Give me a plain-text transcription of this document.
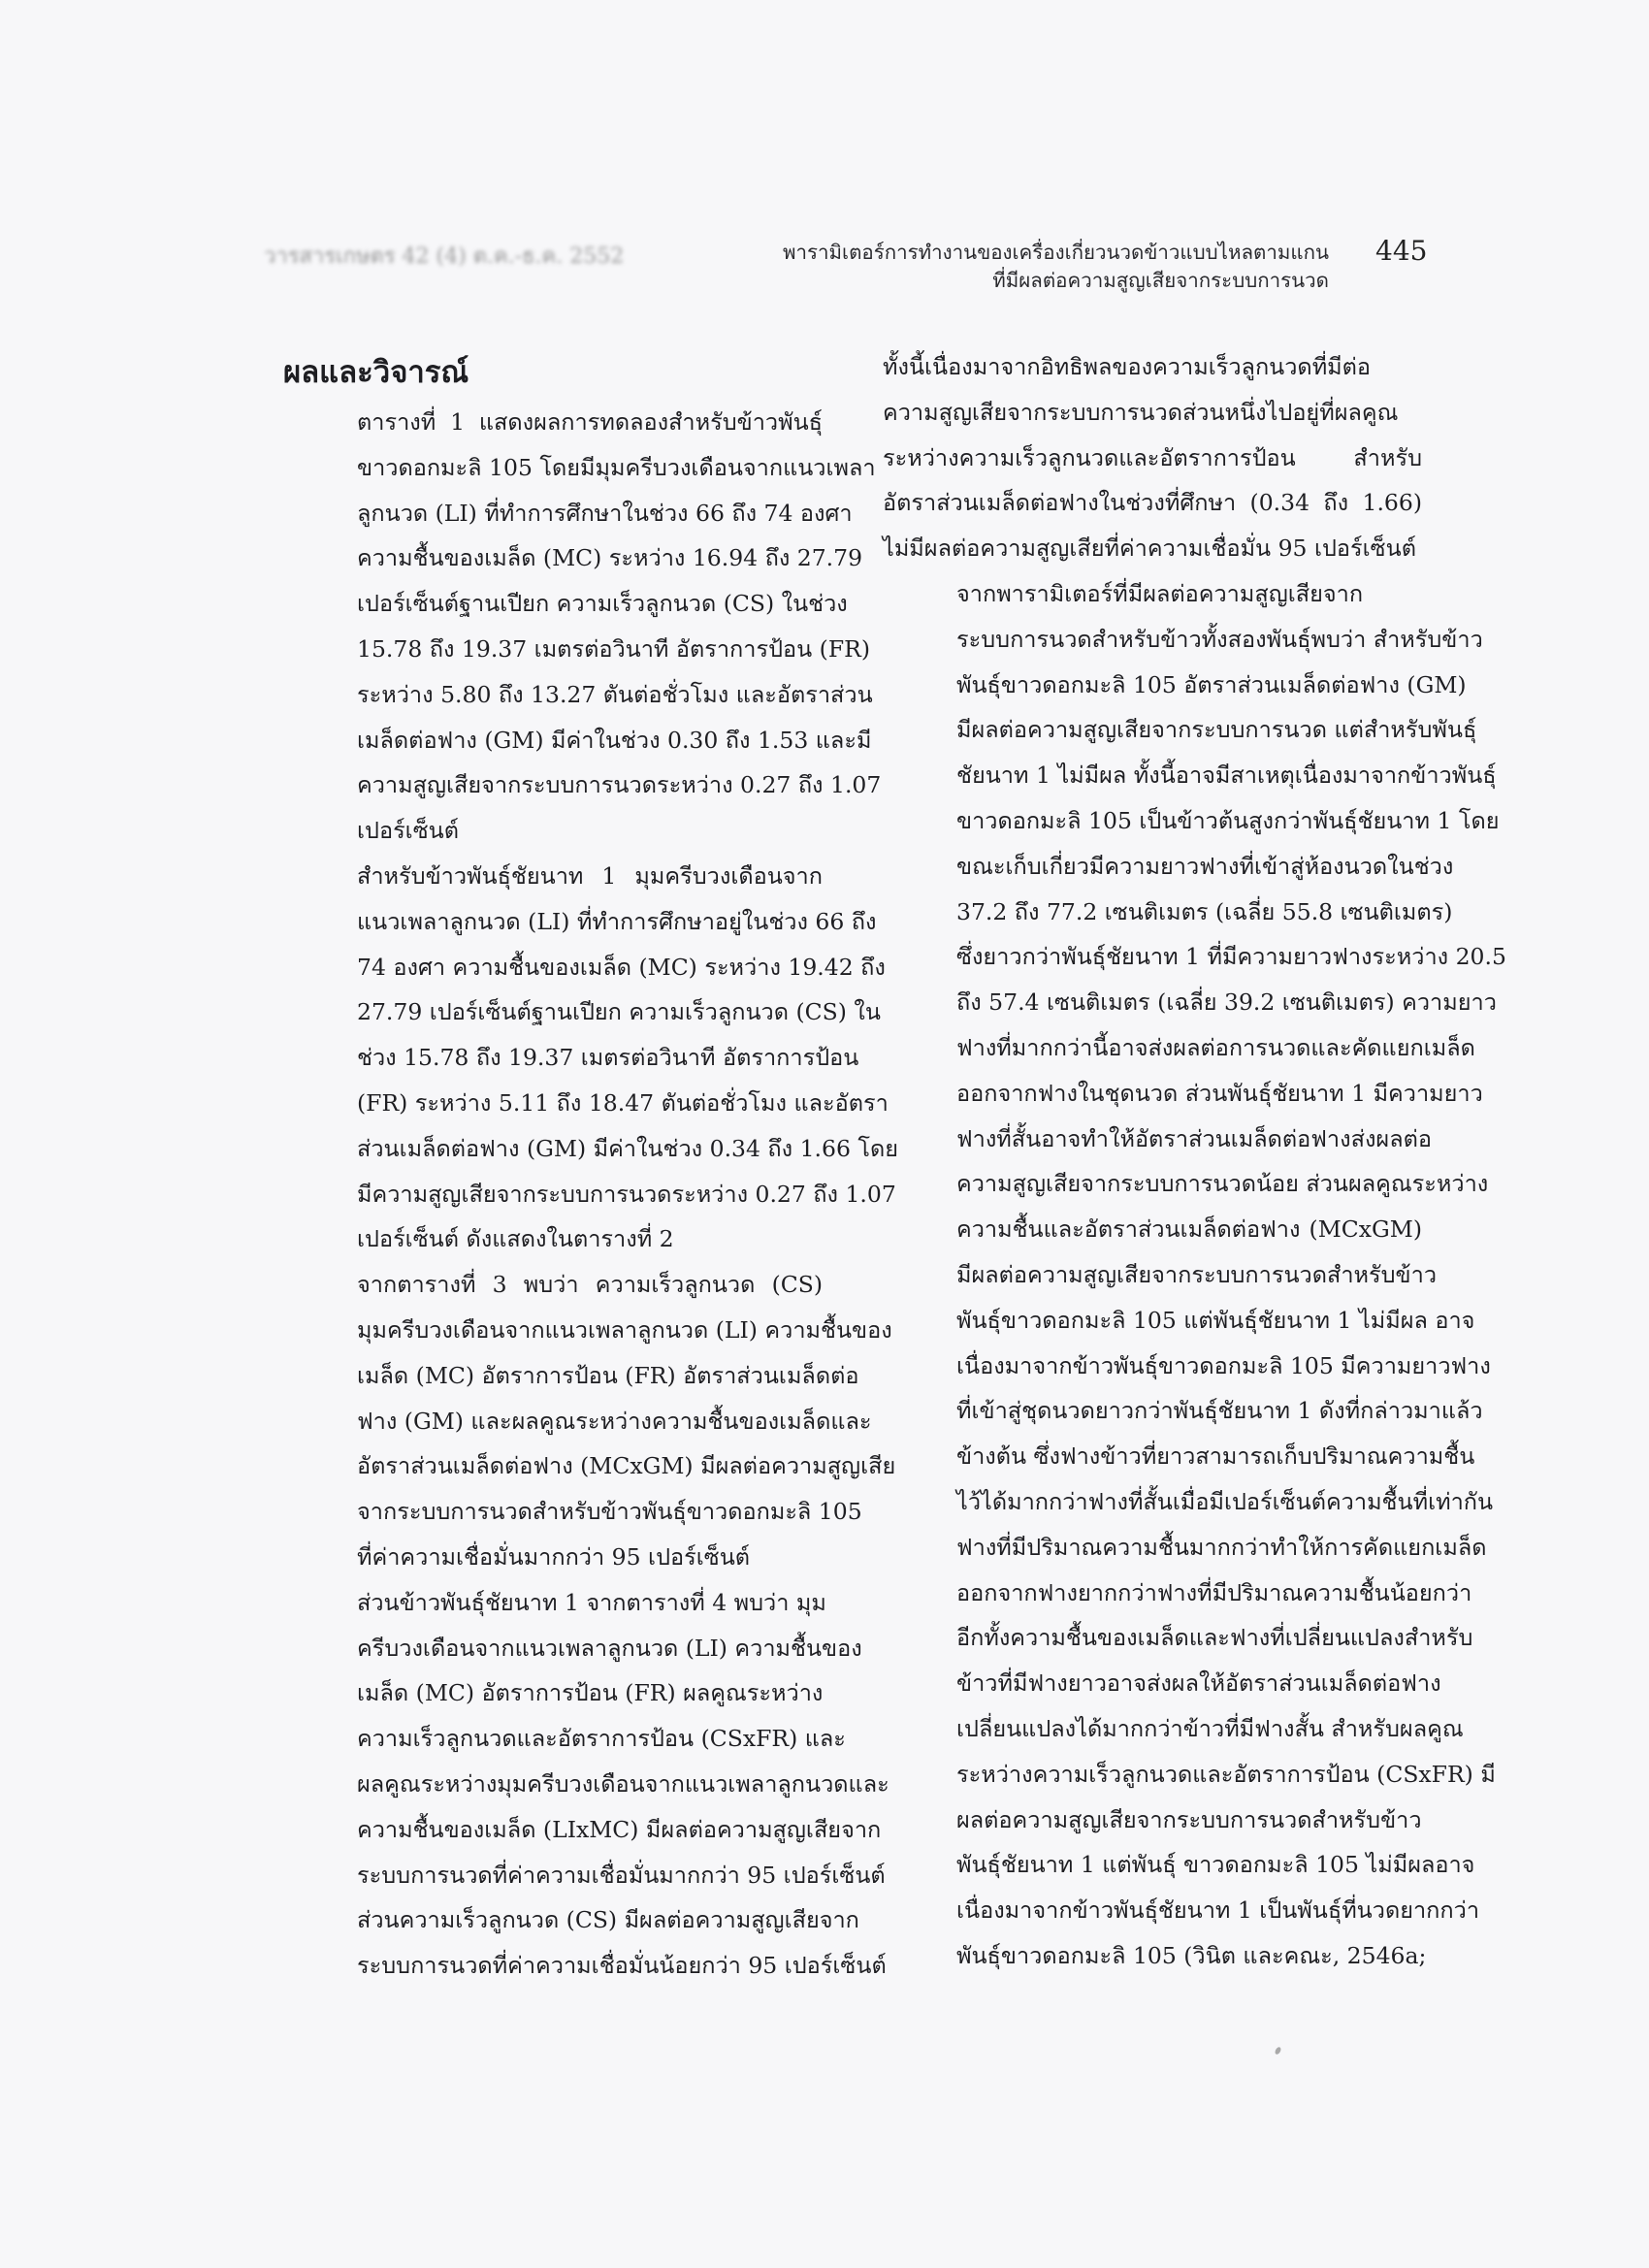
วารสารเกษตร 42 (4) ต.ค.-ธ.ค. 2552	พารามิเตอร์การทำงานของเครื่องเกี่ยวนวดข้าวแบบไหลตามแกน
ที่มีผลต่อความสูญเสียจากระบบการนวด
445
ผลและวิจารณ์

ตารางที่ 1 แสดงผลการทดลองสำหรับข้าวพันธุ์
ขาวดอกมะลิ 105 โดยมีมุมครีบวงเดือนจากแนวเพลา
ลูกนวด (LI) ที่ทำการศึกษาในช่วง 66 ถึง 74 องศา
ความชื้นของเมล็ด (MC) ระหว่าง 16.94 ถึง 27.79
เปอร์เซ็นต์ฐานเปียก ความเร็วลูกนวด (CS) ในช่วง
15.78 ถึง 19.37 เมตรต่อวินาที อัตราการป้อน (FR)
ระหว่าง 5.80 ถึง 13.27 ตันต่อชั่วโมง และอัตราส่วน
เมล็ดต่อฟาง (GM) มีค่าในช่วง 0.30 ถึง 1.53 และมี
ความสูญเสียจากระบบการนวดระหว่าง 0.27 ถึง 1.07
เปอร์เซ็นต์

สำหรับข้าวพันธุ์ชัยนาท 1 มุมครีบวงเดือนจาก
แนวเพลาลูกนวด (LI) ที่ทำการศึกษาอยู่ในช่วง 66 ถึง
74 องศา ความชื้นของเมล็ด (MC) ระหว่าง 19.42 ถึง
27.79 เปอร์เซ็นต์ฐานเปียก ความเร็วลูกนวด (CS) ใน
ช่วง 15.78 ถึง 19.37 เมตรต่อวินาที อัตราการป้อน
(FR) ระหว่าง 5.11 ถึง 18.47 ตันต่อชั่วโมง และอัตรา
ส่วนเมล็ดต่อฟาง (GM) มีค่าในช่วง 0.34 ถึง 1.66 โดย
มีความสูญเสียจากระบบการนวดระหว่าง 0.27 ถึง 1.07
เปอร์เซ็นต์ ดังแสดงในตารางที่ 2

จากตารางที่ 3 พบว่า ความเร็วลูกนวด (CS)
มุมครีบวงเดือนจากแนวเพลาลูกนวด (LI) ความชื้นของ
เมล็ด (MC) อัตราการป้อน (FR) อัตราส่วนเมล็ดต่อ
ฟาง (GM) และผลคูณระหว่างความชื้นของเมล็ดและ
อัตราส่วนเมล็ดต่อฟาง (MCxGM) มีผลต่อความสูญเสีย
จากระบบการนวดสำหรับข้าวพันธุ์ขาวดอกมะลิ 105
ที่ค่าความเชื่อมั่นมากกว่า 95 เปอร์เซ็นต์

ส่วนข้าวพันธุ์ชัยนาท 1 จากตารางที่ 4 พบว่า มุม
ครีบวงเดือนจากแนวเพลาลูกนวด (LI) ความชื้นของ
เมล็ด (MC) อัตราการป้อน (FR) ผลคูณระหว่าง
ความเร็วลูกนวดและอัตราการป้อน (CSxFR) และ
ผลคูณระหว่างมุมครีบวงเดือนจากแนวเพลาลูกนวดและ
ความชื้นของเมล็ด (LIxMC) มีผลต่อความสูญเสียจาก
ระบบการนวดที่ค่าความเชื่อมั่นมากกว่า 95 เปอร์เซ็นต์
ส่วนความเร็วลูกนวด (CS) มีผลต่อความสูญเสียจาก
ระบบการนวดที่ค่าความเชื่อมั่นน้อยกว่า 95 เปอร์เซ็นต์

ทั้งนี้เนื่องมาจากอิทธิพลของความเร็วลูกนวดที่มีต่อ
ความสูญเสียจากระบบการนวดส่วนหนึ่งไปอยู่ที่ผลคูณ
ระหว่างความเร็วลูกนวดและอัตราการป้อน สำหรับ
อัตราส่วนเมล็ดต่อฟางในช่วงที่ศึกษา (0.34 ถึง 1.66)
ไม่มีผลต่อความสูญเสียที่ค่าความเชื่อมั่น 95 เปอร์เซ็นต์

จากพารามิเตอร์ที่มีผลต่อความสูญเสียจาก
ระบบการนวดสำหรับข้าวทั้งสองพันธุ์พบว่า สำหรับข้าว
พันธุ์ขาวดอกมะลิ 105 อัตราส่วนเมล็ดต่อฟาง (GM)
มีผลต่อความสูญเสียจากระบบการนวด แต่สำหรับพันธุ์
ชัยนาท 1 ไม่มีผล ทั้งนี้อาจมีสาเหตุเนื่องมาจากข้าวพันธุ์
ขาวดอกมะลิ 105 เป็นข้าวต้นสูงกว่าพันธุ์ชัยนาท 1 โดย
ขณะเก็บเกี่ยวมีความยาวฟางที่เข้าสู่ห้องนวดในช่วง
37.2 ถึง 77.2 เซนติเมตร (เฉลี่ย 55.8 เซนติเมตร)
ซึ่งยาวกว่าพันธุ์ชัยนาท 1 ที่มีความยาวฟางระหว่าง 20.5
ถึง 57.4 เซนติเมตร (เฉลี่ย 39.2 เซนติเมตร) ความยาว
ฟางที่มากกว่านี้อาจส่งผลต่อการนวดและคัดแยกเมล็ด
ออกจากฟางในชุดนวด ส่วนพันธุ์ชัยนาท 1 มีความยาว
ฟางที่สั้นอาจทำให้อัตราส่วนเมล็ดต่อฟางส่งผลต่อ
ความสูญเสียจากระบบการนวดน้อย ส่วนผลคูณระหว่าง
ความชื้นและอัตราส่วนเมล็ดต่อฟาง (MCxGM)
มีผลต่อความสูญเสียจากระบบการนวดสำหรับข้าว
พันธุ์ขาวดอกมะลิ 105 แต่พันธุ์ชัยนาท 1 ไม่มีผล อาจ
เนื่องมาจากข้าวพันธุ์ขาวดอกมะลิ 105 มีความยาวฟาง
ที่เข้าสู่ชุดนวดยาวกว่าพันธุ์ชัยนาท 1 ดังที่กล่าวมาแล้ว
ข้างต้น ซึ่งฟางข้าวที่ยาวสามารถเก็บปริมาณความชื้น
ไว้ได้มากกว่าฟางที่สั้นเมื่อมีเปอร์เซ็นต์ความชื้นที่เท่ากัน
ฟางที่มีปริมาณความชื้นมากกว่าทำให้การคัดแยกเมล็ด
ออกจากฟางยากกว่าฟางที่มีปริมาณความชื้นน้อยกว่า
อีกทั้งความชื้นของเมล็ดและฟางที่เปลี่ยนแปลงสำหรับ
ข้าวที่มีฟางยาวอาจส่งผลให้อัตราส่วนเมล็ดต่อฟาง
เปลี่ยนแปลงได้มากกว่าข้าวที่มีฟางสั้น สำหรับผลคูณ
ระหว่างความเร็วลูกนวดและอัตราการป้อน (CSxFR) มี
ผลต่อความสูญเสียจากระบบการนวดสำหรับข้าว
พันธุ์ชัยนาท 1 แต่พันธุ์ ขาวดอกมะลิ 105 ไม่มีผลอาจ
เนื่องมาจากข้าวพันธุ์ชัยนาท 1 เป็นพันธุ์ที่นวดยากกว่า
พันธุ์ขาวดอกมะลิ 105 (วินิต และคณะ, 2546a;
